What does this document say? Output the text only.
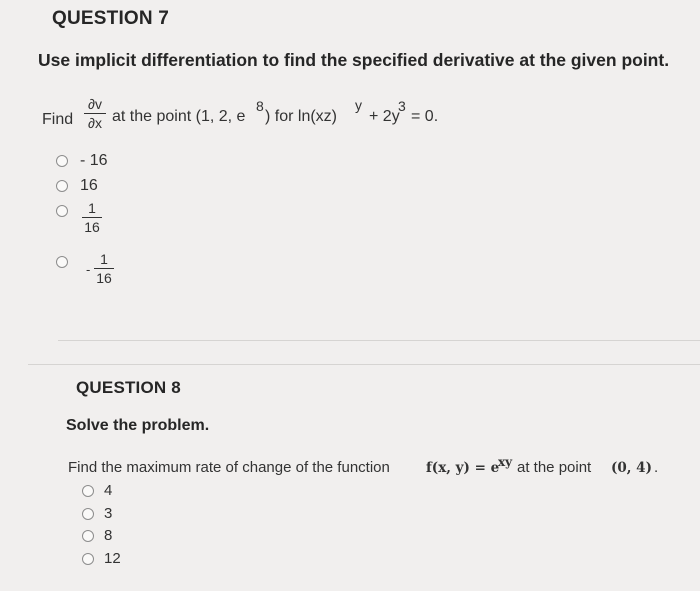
QUESTION 7
Use implicit differentiation to find the specified derivative at the given point.
Find
∂v
∂x at the point (1, 2, e
8
) for ln(xz)
y
+ 2y
3
= 0.
- 16
16
1
16
-
1
16
QUESTION 8
Solve the problem.
Find the maximum rate of change of the function	f(x, y) = e
xy at the point (0, 4) .
4
3
8
12
